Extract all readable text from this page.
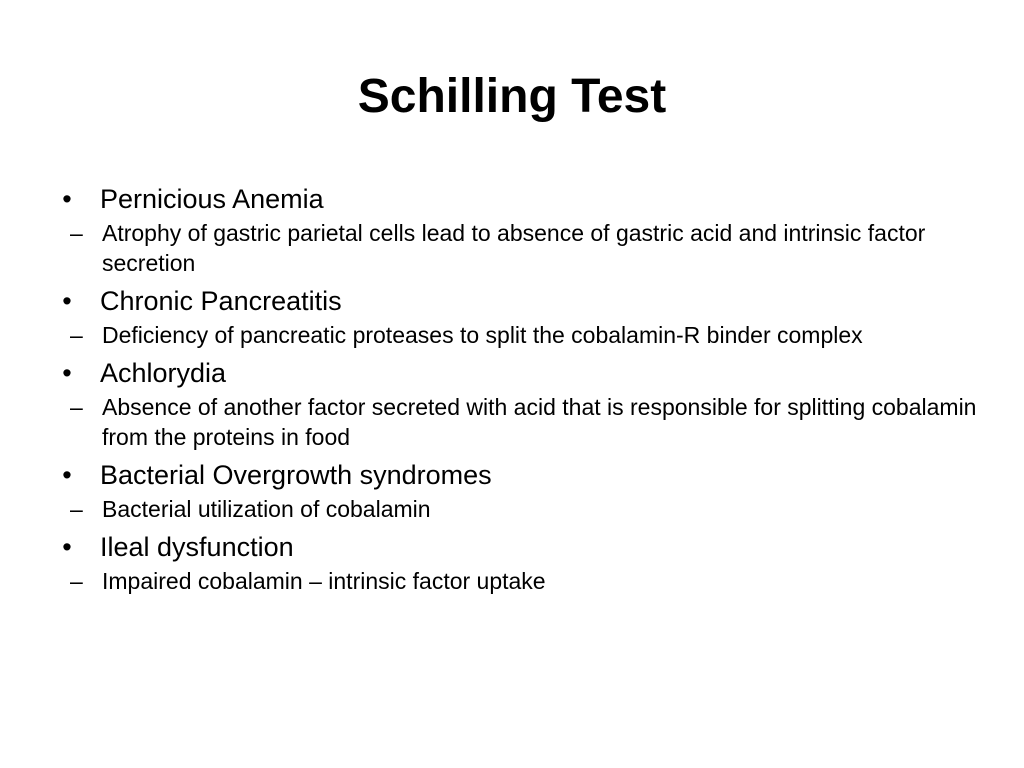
Schilling Test
• Pernicious Anemia
– Atrophy of gastric parietal cells lead to absence of gastric acid and intrinsic factor secretion
• Chronic Pancreatitis
– Deficiency of pancreatic proteases to split the cobalamin-R binder complex
• Achlorydia
– Absence of another factor secreted with acid that is responsible for splitting cobalamin from the proteins in food
• Bacterial Overgrowth syndromes
– Bacterial utilization of cobalamin
• Ileal dysfunction
– Impaired cobalamin – intrinsic factor uptake
